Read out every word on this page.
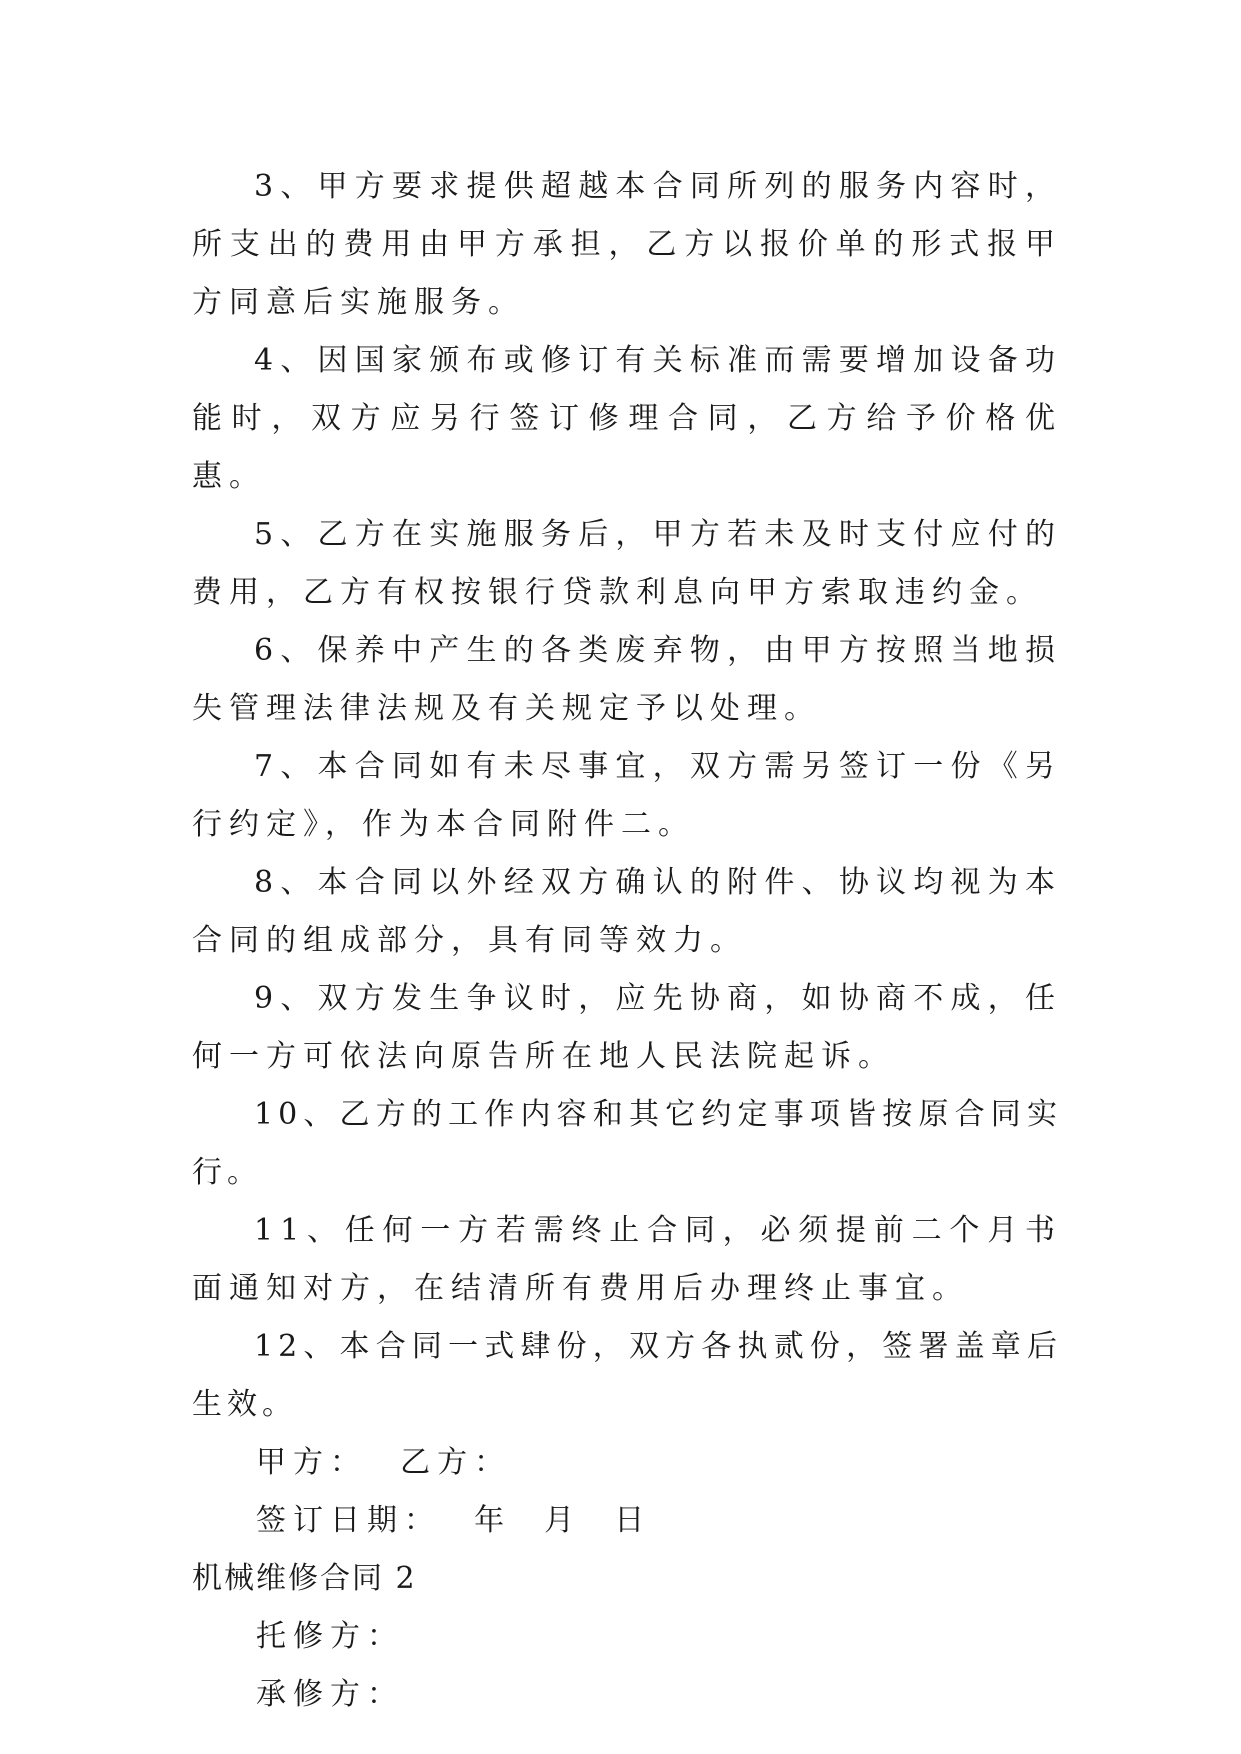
3、甲方要求提供超越本合同所列的服务内容时，所支出的费用由甲方承担，乙方以报价单的形式报甲方同意后实施服务。

4、因国家颁布或修订有关标准而需要增加设备功能时，双方应另行签订修理合同，乙方给予价格优惠。

5、乙方在实施服务后，甲方若未及时支付应付的费用，乙方有权按银行贷款利息向甲方索取违约金。

6、保养中产生的各类废弃物，由甲方按照当地损失管理法律法规及有关规定予以处理。

7、本合同如有未尽事宜，双方需另签订一份《另行约定》，作为本合同附件二。

8、本合同以外经双方确认的附件、协议均视为本合同的组成部分，具有同等效力。

9、双方发生争议时，应先协商，如协商不成，任何一方可依法向原告所在地人民法院起诉。

10、乙方的工作内容和其它约定事项皆按原合同实行。

11、任何一方若需终止合同，必须提前二个月书面通知对方，在结清所有费用后办理终止事宜。

12、本合同一式肆份，双方各执贰份，签署盖章后生效。

甲方：  乙方：

签订日期：  年  月  日

机械维修合同 2

托修方：

承修方：
